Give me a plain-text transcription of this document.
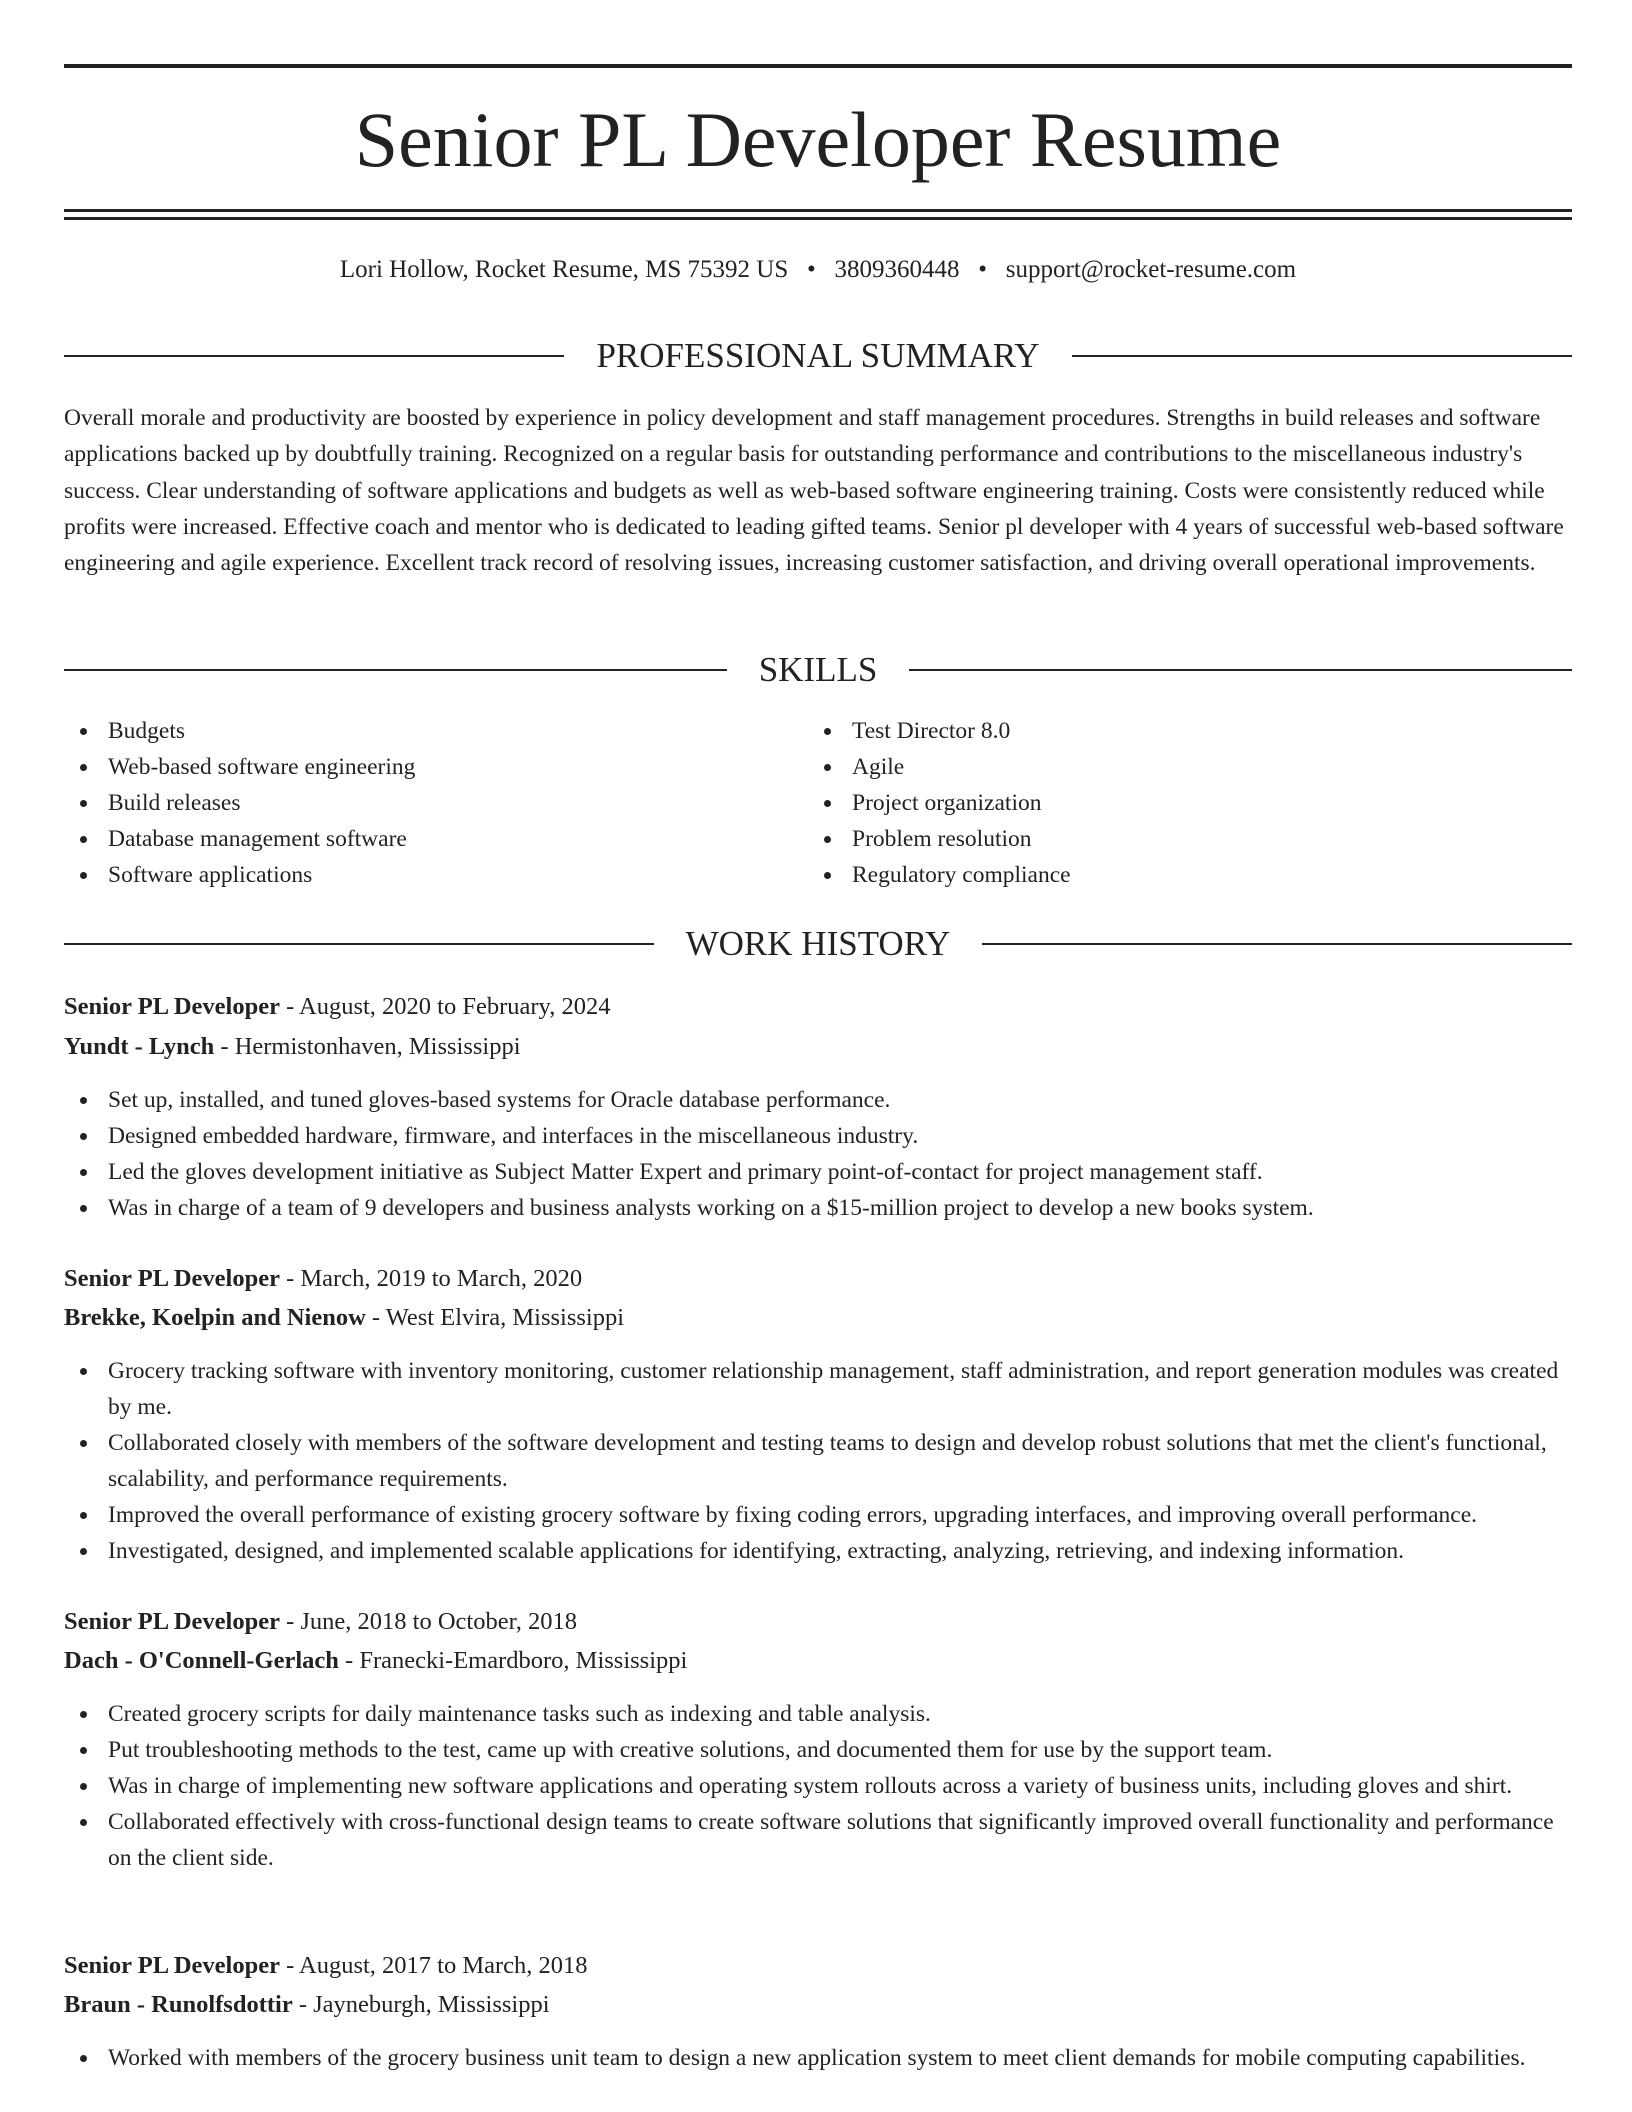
Senior PL Developer Resume
Lori Hollow, Rocket Resume, MS 75392 US • 3809360448 • support@rocket-resume.com
PROFESSIONAL SUMMARY

Overall morale and productivity are boosted by experience in policy development and staff management procedures. Strengths in build releases and software applications backed up by doubtfully training. Recognized on a regular basis for outstanding performance and contributions to the miscellaneous industry's success. Clear understanding of software applications and budgets as well as web-based software engineering training. Costs were consistently reduced while profits were increased. Effective coach and mentor who is dedicated to leading gifted teams. Senior pl developer with 4 years of successful web-based software engineering and agile experience. Excellent track record of resolving issues, increasing customer satisfaction, and driving overall operational improvements.

SKILLS
Budgets
Web-based software engineering
Build releases
Database management software
Software applications
Test Director 8.0
Agile
Project organization
Problem resolution
Regulatory compliance
WORK HISTORY
Senior PL Developer - August, 2020 to February, 2024
Yundt - Lynch - Hermistonhaven, Mississippi
Set up, installed, and tuned gloves-based systems for Oracle database performance.
Designed embedded hardware, firmware, and interfaces in the miscellaneous industry.
Led the gloves development initiative as Subject Matter Expert and primary point-of-contact for project management staff.
Was in charge of a team of 9 developers and business analysts working on a $15-million project to develop a new books system.
Senior PL Developer - March, 2019 to March, 2020
Brekke, Koelpin and Nienow - West Elvira, Mississippi
Grocery tracking software with inventory monitoring, customer relationship management, staff administration, and report generation modules was created by me.
Collaborated closely with members of the software development and testing teams to design and develop robust solutions that met the client's functional, scalability, and performance requirements.
Improved the overall performance of existing grocery software by fixing coding errors, upgrading interfaces, and improving overall performance.
Investigated, designed, and implemented scalable applications for identifying, extracting, analyzing, retrieving, and indexing information.
Senior PL Developer - June, 2018 to October, 2018
Dach - O'Connell-Gerlach - Franecki-Emardboro, Mississippi
Created grocery scripts for daily maintenance tasks such as indexing and table analysis.
Put troubleshooting methods to the test, came up with creative solutions, and documented them for use by the support team.
Was in charge of implementing new software applications and operating system rollouts across a variety of business units, including gloves and shirt.
Collaborated effectively with cross-functional design teams to create software solutions that significantly improved overall functionality and performance on the client side.
Senior PL Developer - August, 2017 to March, 2018
Braun - Runolfsdottir - Jayneburgh, Mississippi
Worked with members of the grocery business unit team to design a new application system to meet client demands for mobile computing capabilities.
